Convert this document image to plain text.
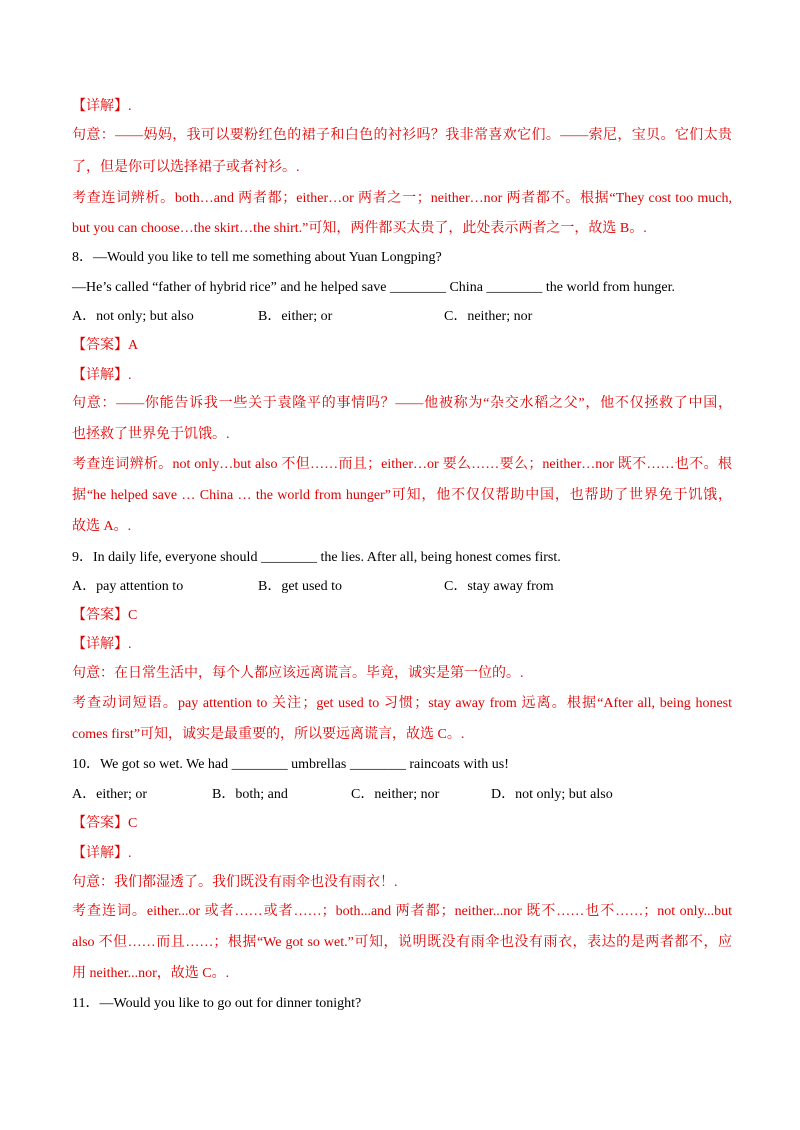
【详解】.
句意：——妈妈，我可以要粉红色的裙子和白色的衬衫吗？我非常喜欢它们。——索尼，宝贝。它们太贵
了，但是你可以选择裙子或者衬衫。.
考查连词辨析。both…and 两者都；either…or 两者之一；neither…nor 两者都不。根据“They cost too much,
but you can choose…the skirt…the shirt.”可知，两件都买太贵了，此处表示两者之一，故选 B。.
8．—Would you like to tell me something about Yuan Longping?
—He’s called “father of hybrid rice” and he helped save ________ China ________ the world from hunger.
A．not only; but also	B．either; or	C．neither; nor
【答案】A
【详解】.
句意：——你能告诉我一些关于袁隆平的事情吗？——他被称为“杂交水稻之父”，他不仅拯救了中国，
也拯救了世界免于饥饿。.
考查连词辨析。not only…but also 不但……而且；either…or 要么……要么；neither…nor 既不……也不。根
据“he helped save … China … the world from hunger”可知，他不仅仅帮助中国，也帮助了世界免于饥饿，
故选 A。.
9．In daily life, everyone should ________ the lies. After all, being honest comes first.
A．pay attention to	B．get used to	C．stay away from
【答案】C
【详解】.
句意：在日常生活中，每个人都应该远离谎言。毕竟，诚实是第一位的。.
考查动词短语。pay attention to 关注；get used to 习惯；stay away from 远离。根据“After all, being honest
comes first”可知，诚实是最重要的，所以要远离谎言，故选 C。.
10．We got so wet. We had ________ umbrellas ________ raincoats with us!
A．either; or	B．both; and	C．neither; nor	D．not only; but also
【答案】C
【详解】.
句意：我们都湿透了。我们既没有雨伞也没有雨衣！.
考查连词。either...or 或者……或者……；both...and 两者都；neither...nor 既不……也不……；not only...but
also 不但……而且……；根据“We got so wet.”可知，说明既没有雨伞也没有雨衣，表达的是两者都不，应
用 neither...nor，故选 C。.
11．—Would you like to go out for dinner tonight?
